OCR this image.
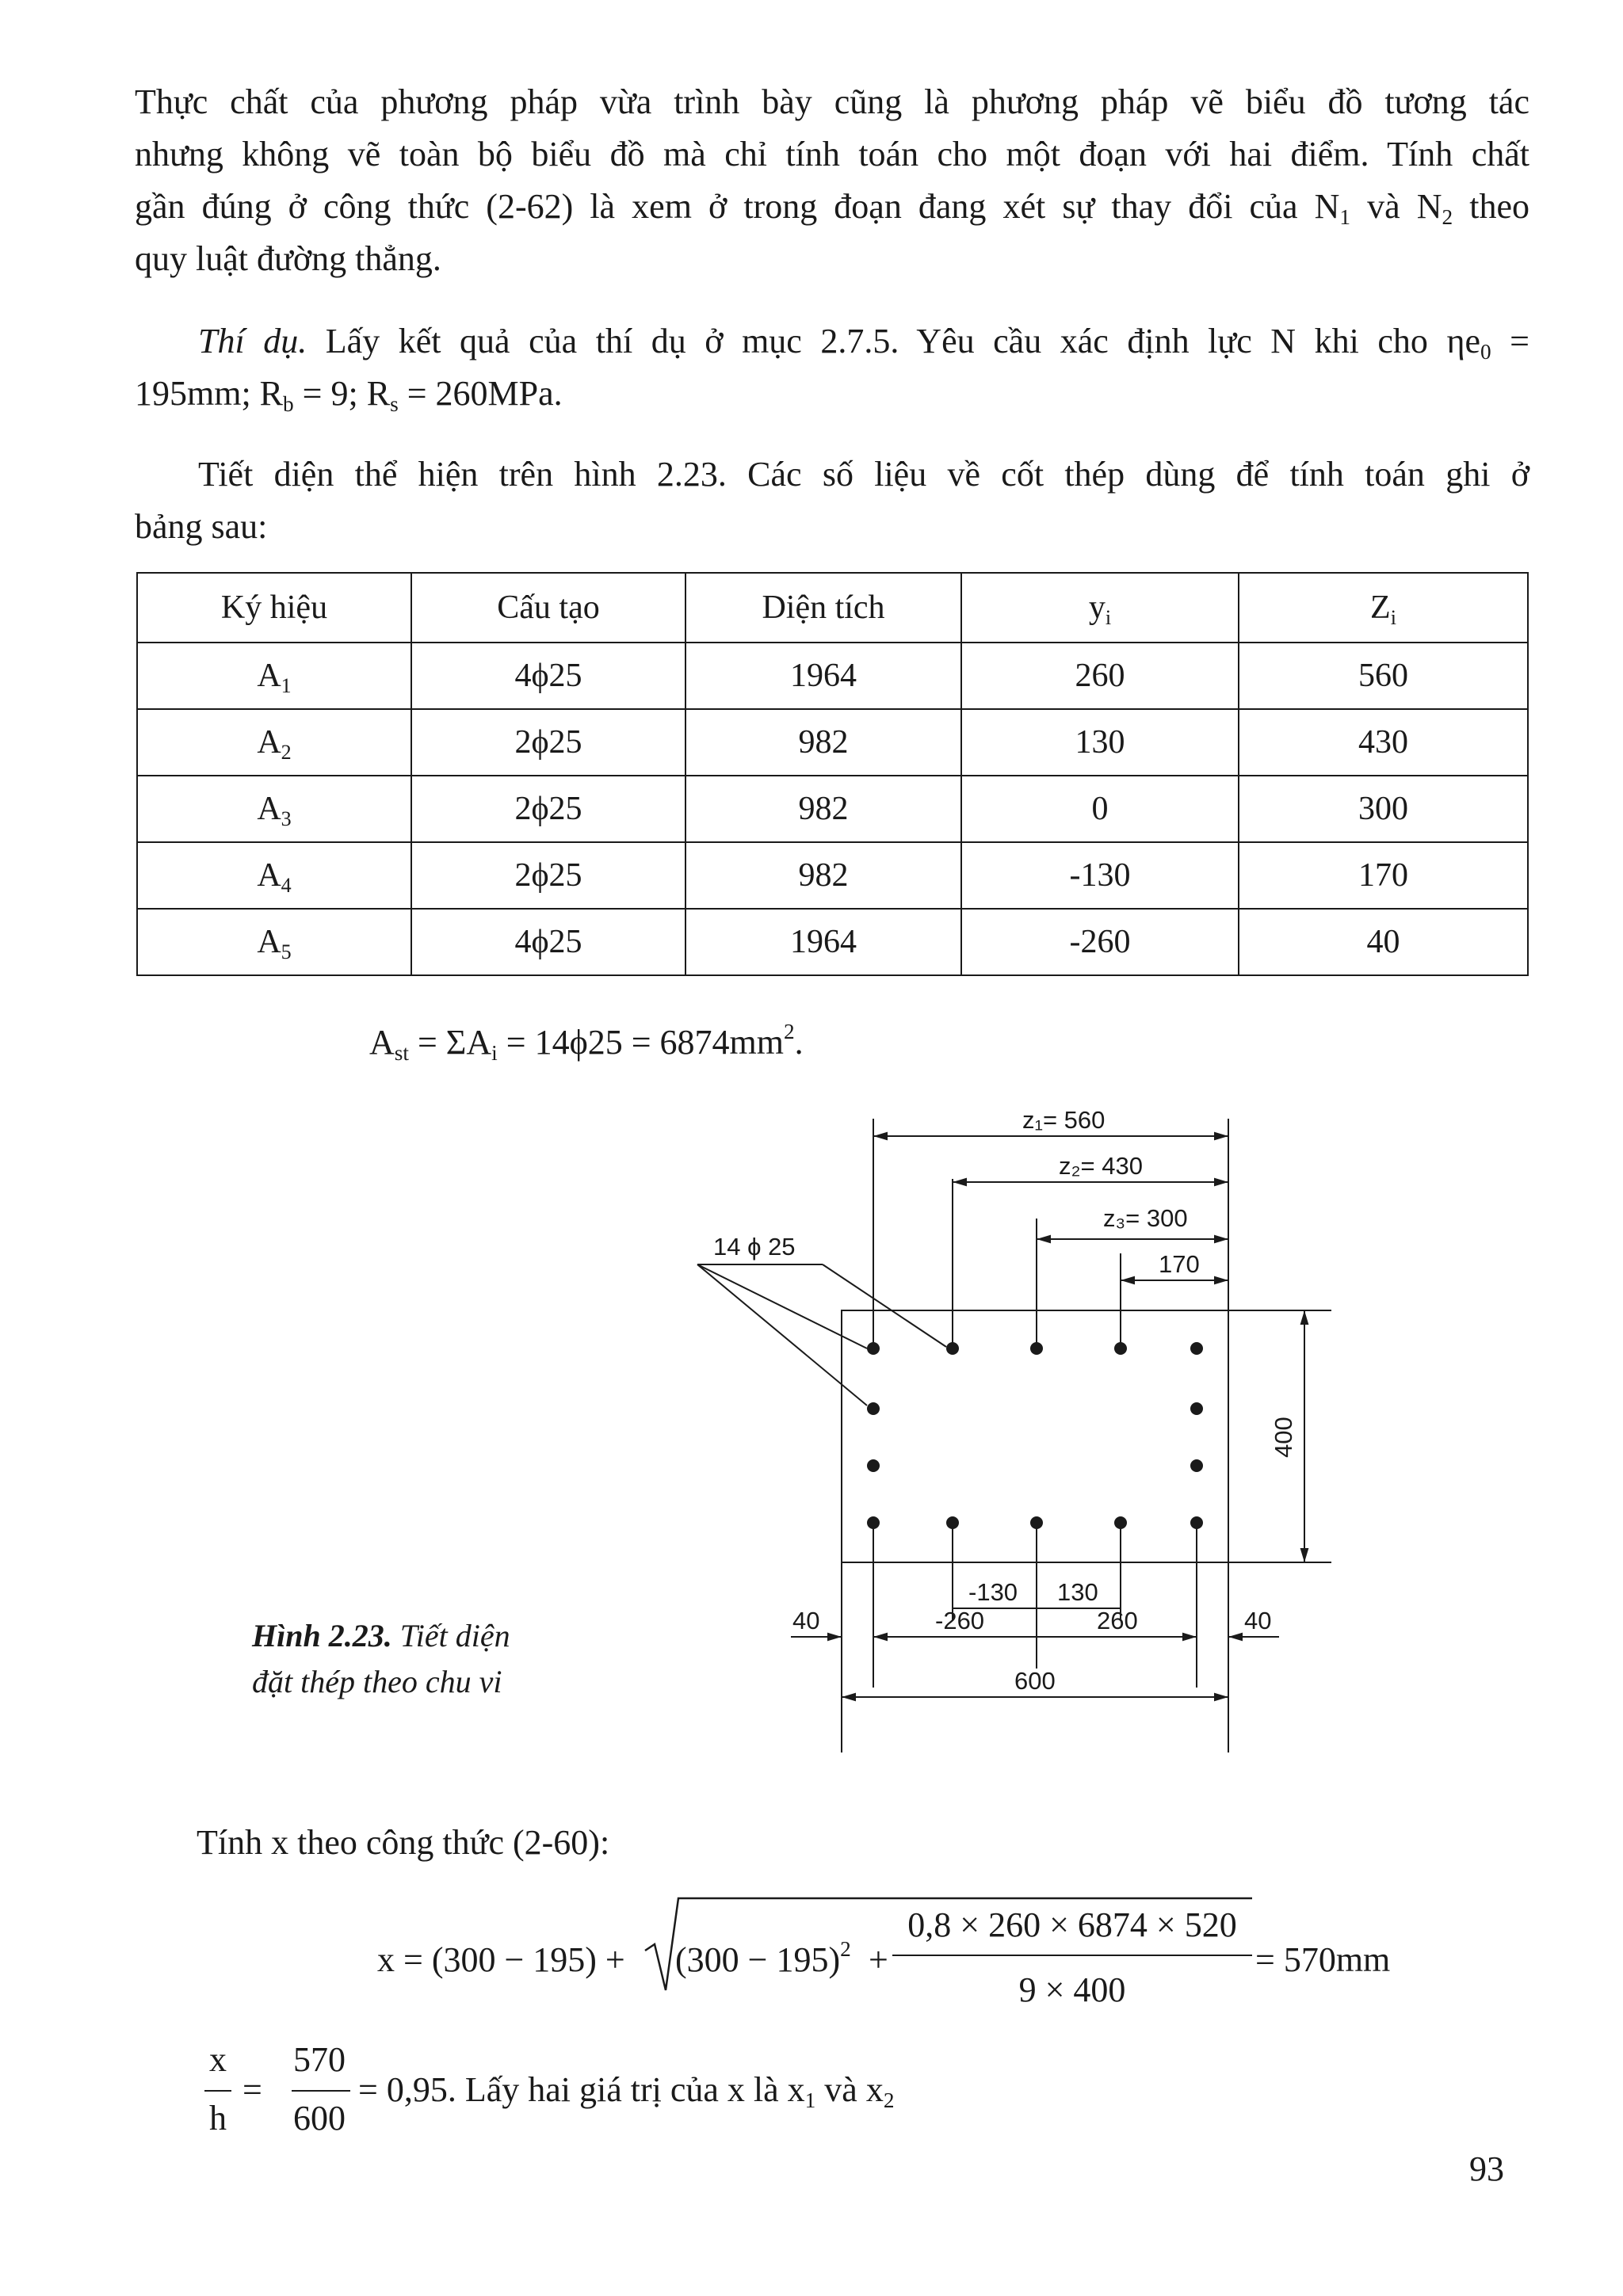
Thực chất của phương pháp vừa trình bày cũng là phương pháp vẽ biểu đồ tương tác
nhưng không vẽ toàn bộ biểu đồ mà chỉ tính toán cho một đoạn với hai điểm. Tính chất
gần đúng ở công thức (2-62) là xem ở trong đoạn đang xét sự thay đổi của $N_1$ và $N_2$ theo
quy luật đường thẳng.
Thí dụ. Lấy kết quả của thí dụ ở mục 2.7.5. Yêu cầu xác định lực N khi cho $\eta e_0$ =
195mm; $R_b = 9$; $R_s = 260MPa$.
Tiết diện thể hiện trên hình 2.23. Các số liệu về cốt thép dùng để tính toán ghi ở
bảng sau:
Ký hiệu	Cấu tạo	Diện tích	$y_i$	$Z_i$
$A_1$	4ϕ25	1964	260	560
$A_2$	2ϕ25	982	130	430
$A_3$	2ϕ25	982	0	300
$A_4$	2ϕ25	982	-130	170
$A_5$	4ϕ25	1964	-260	40
$A_{st} = \Sigma A_i = 14\phi 25 = 6874mm^2$.
z₁= 560
z₂= 430
z₃= 300
170
14 ϕ 25
400
-130 130
-260	260
40	40
600
Hình 2.23. Tiết diện
đặt thép theo chu vi
Tính x theo công thức (2-60):
$x = (300 - 195) + (300 - 195)^2$ +
0,8 × 260 × 6874 × 520
9 × 400
= 570mm
x
h
=
570
600
= 0,95. Lấy hai giá trị của x là $x_1$ và $x_2$
93
